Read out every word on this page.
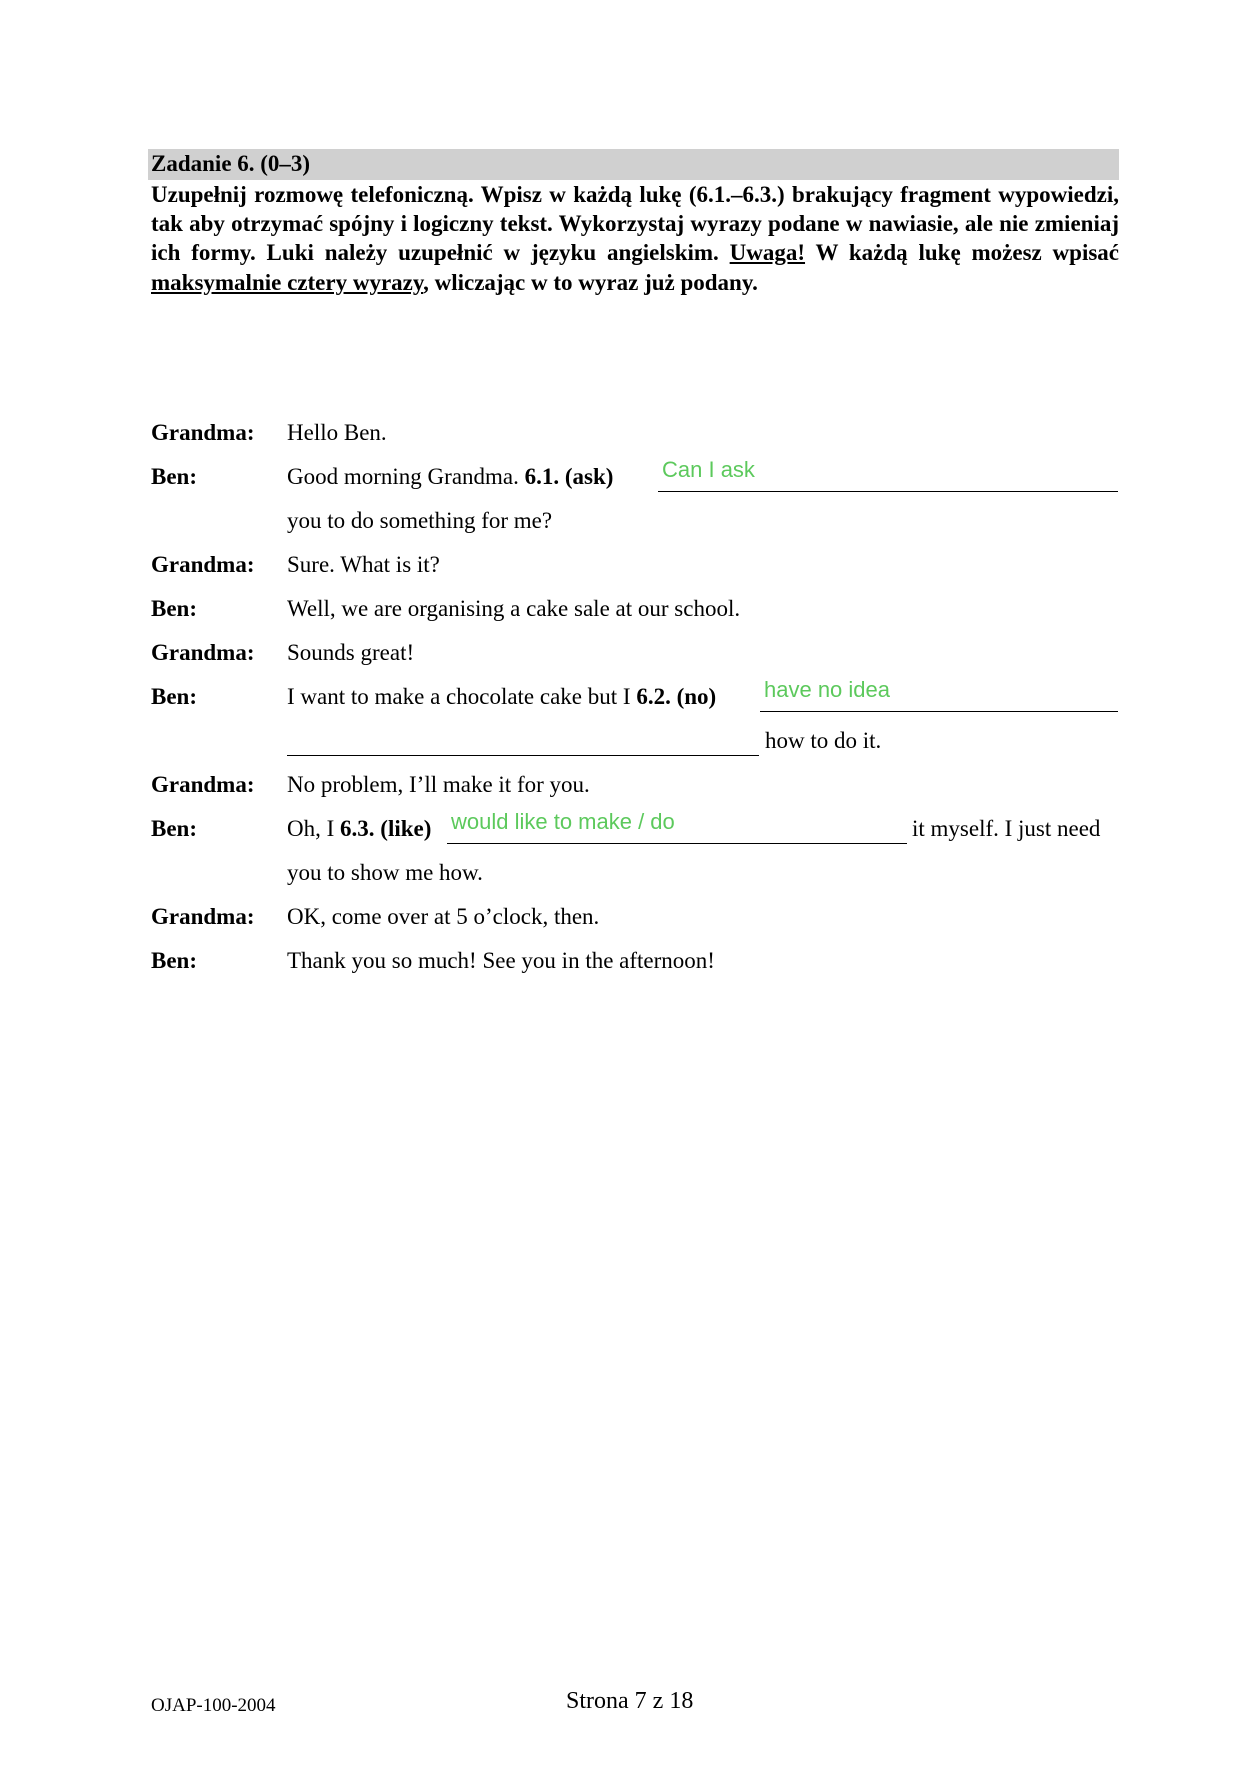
Zadanie 6. (0–3)
Uzupełnij rozmowę telefoniczną. Wpisz w każdą lukę (6.1.–6.3.) brakujący fragment wypowiedzi, tak aby otrzymać spójny i logiczny tekst. Wykorzystaj wyrazy podane w nawiasie, ale nie zmieniaj ich formy. Luki należy uzupełnić w języku angielskim. Uwaga! W każdą lukę możesz wpisać maksymalnie cztery wyrazy, wliczając w to wyraz już podany.
Grandma: Hello Ben.
Ben:	Good morning Grandma. 6.1. (ask) Can I ask
you to do something for me?
Grandma: Sure. What is it?
Ben:	Well, we are organising a cake sale at our school.
Grandma: Sounds great!
Ben:	I want to make a chocolate cake but I 6.2. (no) have no idea
how to do it.
Grandma: No problem, I’ll make it for you.
Ben:	Oh, I 6.3. (like) would like to make / do	it myself. I just need
you to show me how.
Grandma: OK, come over at 5 o’clock, then.
Ben:	Thank you so much! See you in the afternoon!
OJAP-100-2004	Strona 7 z 18
